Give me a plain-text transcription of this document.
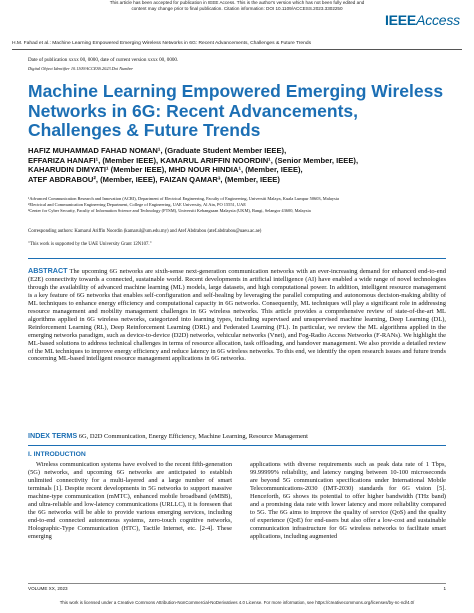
This article has been accepted for publication in IEEE Access. This is the author's version which has not been fully edited and
content may change prior to final publication. Citation information: DOI 10.1109/ACCESS.2023.3302250
H.M. Fahad et al.: Machine Learning Empowered Emerging Wireless Networks in 6G: Recent Advancements, Challenges & Future Trends
IEEEAccess
Date of publication xxxx 00, 0000, date of current version xxxx 00, 0000.
Digital Object Identifier 10.1109/ACCESS.2023.Doi Number
Machine Learning Empowered Emerging Wireless Networks in 6G: Recent Advancements, Challenges & Future Trends
HAFIZ MUHAMMAD FAHAD NOMAN¹, (Graduate Student Member IEEE),
EFFARIZA HANAFI¹, (Member IEEE), KAMARUL ARIFFIN NOORDIN¹, (Senior Member, IEEE),
KAHARUDIN DIMYATI¹ (Member IEEE), MHD NOUR HINDIA¹, (Member, IEEE),
ATEF ABDRABOU², (Member, IEEE), FAIZAN QAMAR³, (Member, IEEE)
¹Advanced Communication Research and Innovation (ACRI), Department of Electrical Engineering, Faculty of Engineering, Universiti Malaya, Kuala Lumpur 50603, Malaysia
²Electrical and Communication Engineering Department, College of Engineering, UAE University, Al Ain, PO 15551, UAE
³Center for Cyber Security, Faculty of Information Science and Technology (FTSM), Universiti Kebangsaan Malaysia (UKM), Bangi, Selangor 43600, Malaysia
Corresponding authors: Kamarul Ariffin Noordin (kamarul@um.edu.my) and Atef Abdrabou (atef.abdrabou@uaeu.ac.ae)
"This work is supported by the UAE University Grant 12N107."
ABSTRACT The upcoming 6G networks are sixth-sense next-generation communication networks with an ever-increasing demand for enhanced end-to-end (E2E) connectivity towards a connected, sustainable world. Recent developments in artificial intelligence (AI) have enabled a wide range of novel technologies through the availability of advanced machine learning (ML) models, large datasets, and high computational power. In addition, intelligent resource management is a key feature of 6G networks that enables self-configuration and self-healing by leveraging the parallel computing and autonomous decision-making ability of ML techniques to enhance energy efficiency and computational capacity in 6G networks. Consequently, ML techniques will play a significant role in addressing resource management and mobility management challenges in 6G wireless networks. This article provides a comprehensive review of state-of-the-art ML algorithms applied in 6G wireless networks, categorized into learning types, including supervised and unsupervised machine learning, Deep Learning (DL), Reinforcement Learning (RL), Deep Reinforcement Learning (DRL) and Federated Learning (FL). In particular, we review the ML algorithms applied in the emerging networks paradigm, such as device-to-device (D2D) networks, vehicular networks (Vnet), and Fog-Radio Access Networks (F-RANs). We highlight the ML-based solutions to address technical challenges in terms of resource allocation, task offloading, and handover management. We also provide a detailed review of the ML techniques to improve energy efficiency and reduce latency in 6G wireless networks. To this end, we identify the open research issues and future trends concerning ML-based intelligent resource management applications in 6G networks.
INDEX TERMS 6G, D2D Communication, Energy Efficiency, Machine Learning, Resource Management
I. INTRODUCTION
Wireless communication systems have evolved to the recent fifth-generation (5G) networks, and upcoming 6G networks are anticipated to establish unlimited connectivity for a multi-layered and a large number of smart terminals [1]. Despite recent developments in 5G networks to support massive machine-type communication (mMTC), enhanced mobile broadband (eMBB), and ultra-reliable and low-latency communications (URLLC), it is foreseen that the 6G networks will be able to provide various emerging services, including end-to-end connected autonomous systems, zero-touch cognitive networks, Holographic-Type Communication (HTC), Tactile Internet, etc. [2-4]. These emerging
applications with diverse requirements such as peak data rate of 1 Tbps, 99.99999% reliability, and latency ranging between 10-100 microseconds are beyond 5G communication specifications under International Mobile Telecommunications-2030 (IMT-2030) standards for 6G vision [5]. Henceforth, 6G shows its potential to offer higher bandwidth (THz band) and a promising data rate with lower latency and more reliability compared to 5G. The 6G aims to improve the quality of service (QoS) and the quality of experience (QoE) for end-users but also offer a low-cost and sustainable communication infrastructure for 6G wireless networks to facilitate smart applications, including augmented
VOLUME XX, 2023	1
This work is licensed under a Creative Commons Attribution-NonCommercial-NoDerivatives 4.0 License. For more information, see https://creativecommons.org/licenses/by-nc-nd/4.0/
